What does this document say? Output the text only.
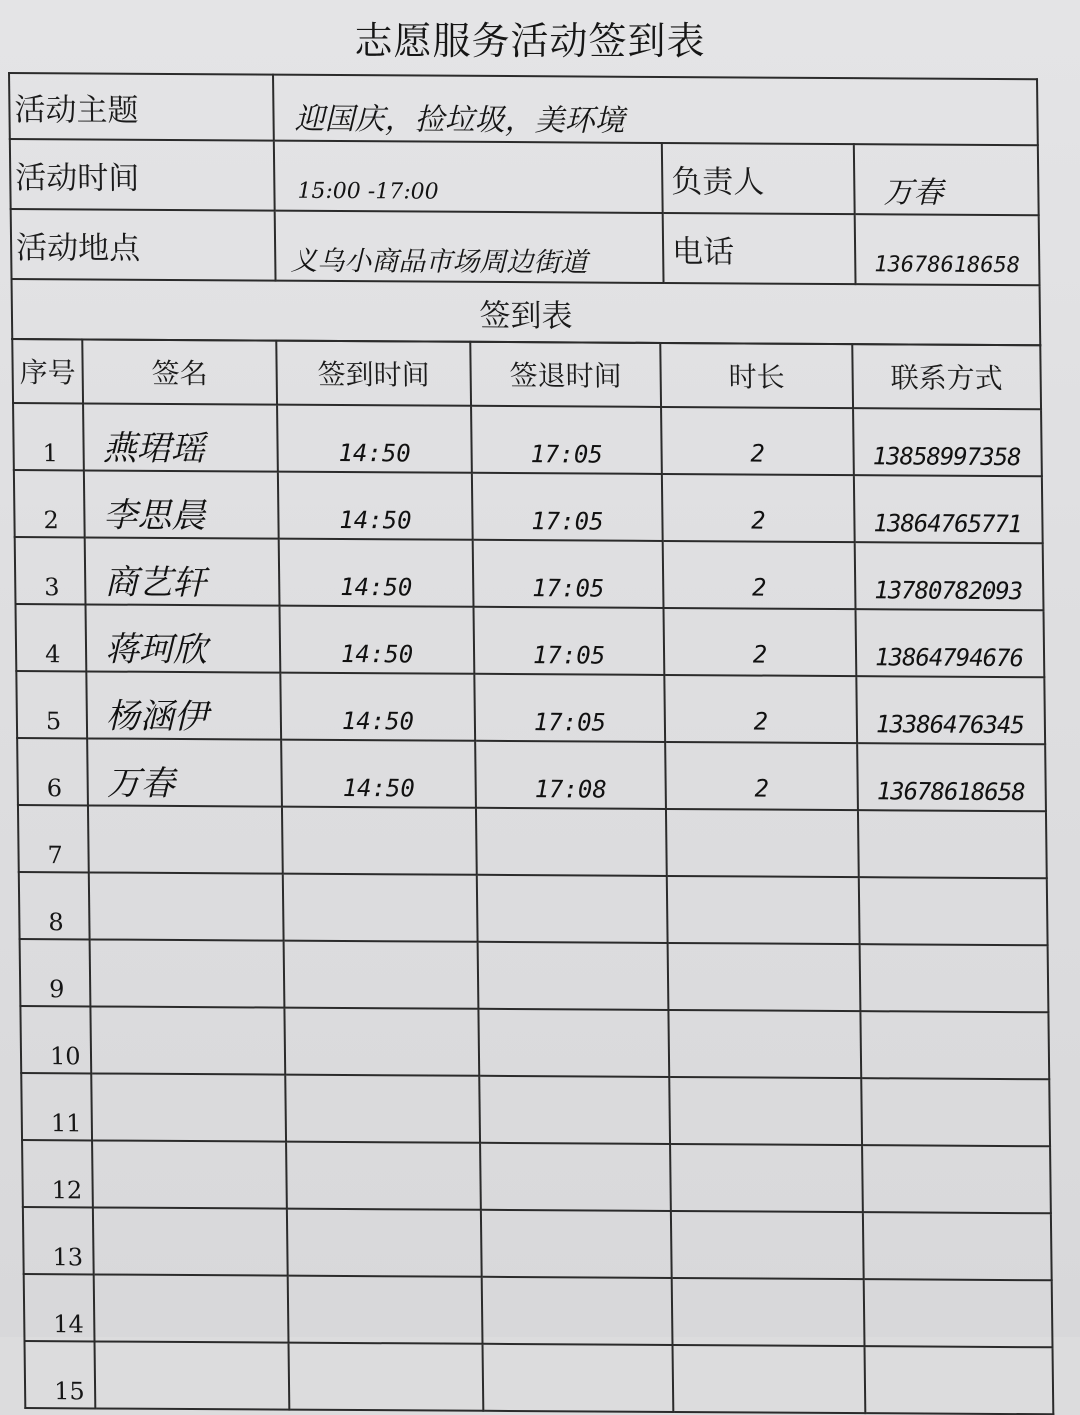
志愿服务活动签到表
活动主题	迎国庆，捡垃圾，美环境		
活动时间	15:00 -17:00	负责人	万春
活动地点	义乌小商品市场周边街道	电话	13678618658
签到表			
序号	签名	签到时间	签退时间	时长	联系方式
1	燕珺瑶	14:50	17:05	2	13858997358
2	李思晨	14:50	17:05	2	13864765771
3	商艺轩	14:50	17:05	2	13780782093
4	蒋珂欣	14:50	17:05	2	13864794676
5	杨涵伊	14:50	17:05	2	13386476345
6	万春	14:50	17:08	2	13678618658
7					
8					
9					
10					
11					
12					
13					
14					
15					
